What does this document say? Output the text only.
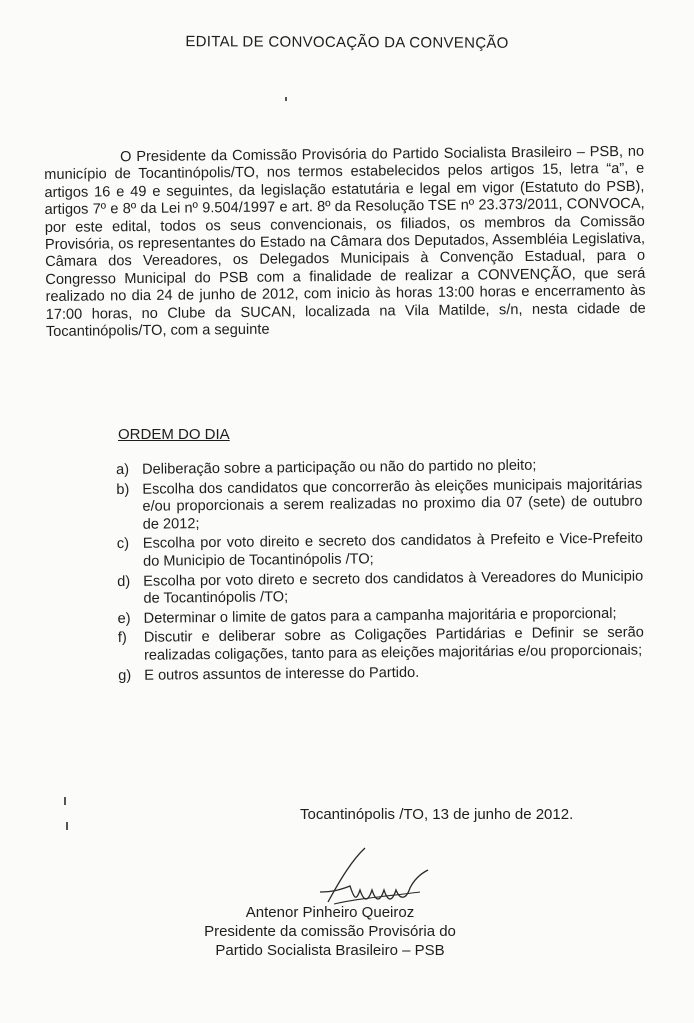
EDITAL DE CONVOCAÇÃO DA CONVENÇÃO
O Presidente da Comissão Provisória do Partido Socialista Brasileiro – PSB, no município de Tocantinópolis/TO, nos termos estabelecidos pelos artigos 15, letra “a”, e artigos 16 e 49 e seguintes, da legislação estatutária e legal em vigor (Estatuto do PSB), artigos 7º e 8º da Lei nº 9.504/1997 e art. 8º da Resolução TSE nº 23.373/2011, CONVOCA, por este edital, todos os seus convencionais, os filiados, os membros da Comissão Provisória, os representantes do Estado na Câmara dos Deputados, Assembléia Legislativa, Câmara dos Vereadores, os Delegados Municipais à Convenção Estadual, para o Congresso Municipal do PSB com a finalidade de realizar a CONVENÇÃO, que será realizado no dia 24 de junho de 2012, com inicio às horas 13:00 horas e encerramento às 17:00 horas, no Clube da SUCAN, localizada na Vila Matilde, s/n, nesta cidade de Tocantinópolis/TO, com a seguinte
ORDEM DO DIA
a) Deliberação sobre a participação ou não do partido no pleito;
b) Escolha dos candidatos que concorrerão às eleições municipais majoritárias e/ou proporcionais a serem realizadas no proximo dia 07 (sete) de outubro de 2012;
c) Escolha por voto direito e secreto dos candidatos à Prefeito e Vice-Prefeito do Municipio de Tocantinópolis /TO;
d) Escolha por voto direto e secreto dos candidatos à Vereadores do Municipio de Tocantinópolis /TO;
e) Determinar o limite de gatos para a campanha majoritária e proporcional;
f)	Discutir e deliberar sobre as Coligações Partidárias e Definir se serão realizadas coligações, tanto para as eleições majoritárias e/ou proporcionais;
g) E outros assuntos de interesse do Partido.
Tocantinópolis /TO, 13 de junho de 2012.
Antenor Pinheiro Queiroz
Presidente da comissão Provisória do
Partido Socialista Brasileiro – PSB
